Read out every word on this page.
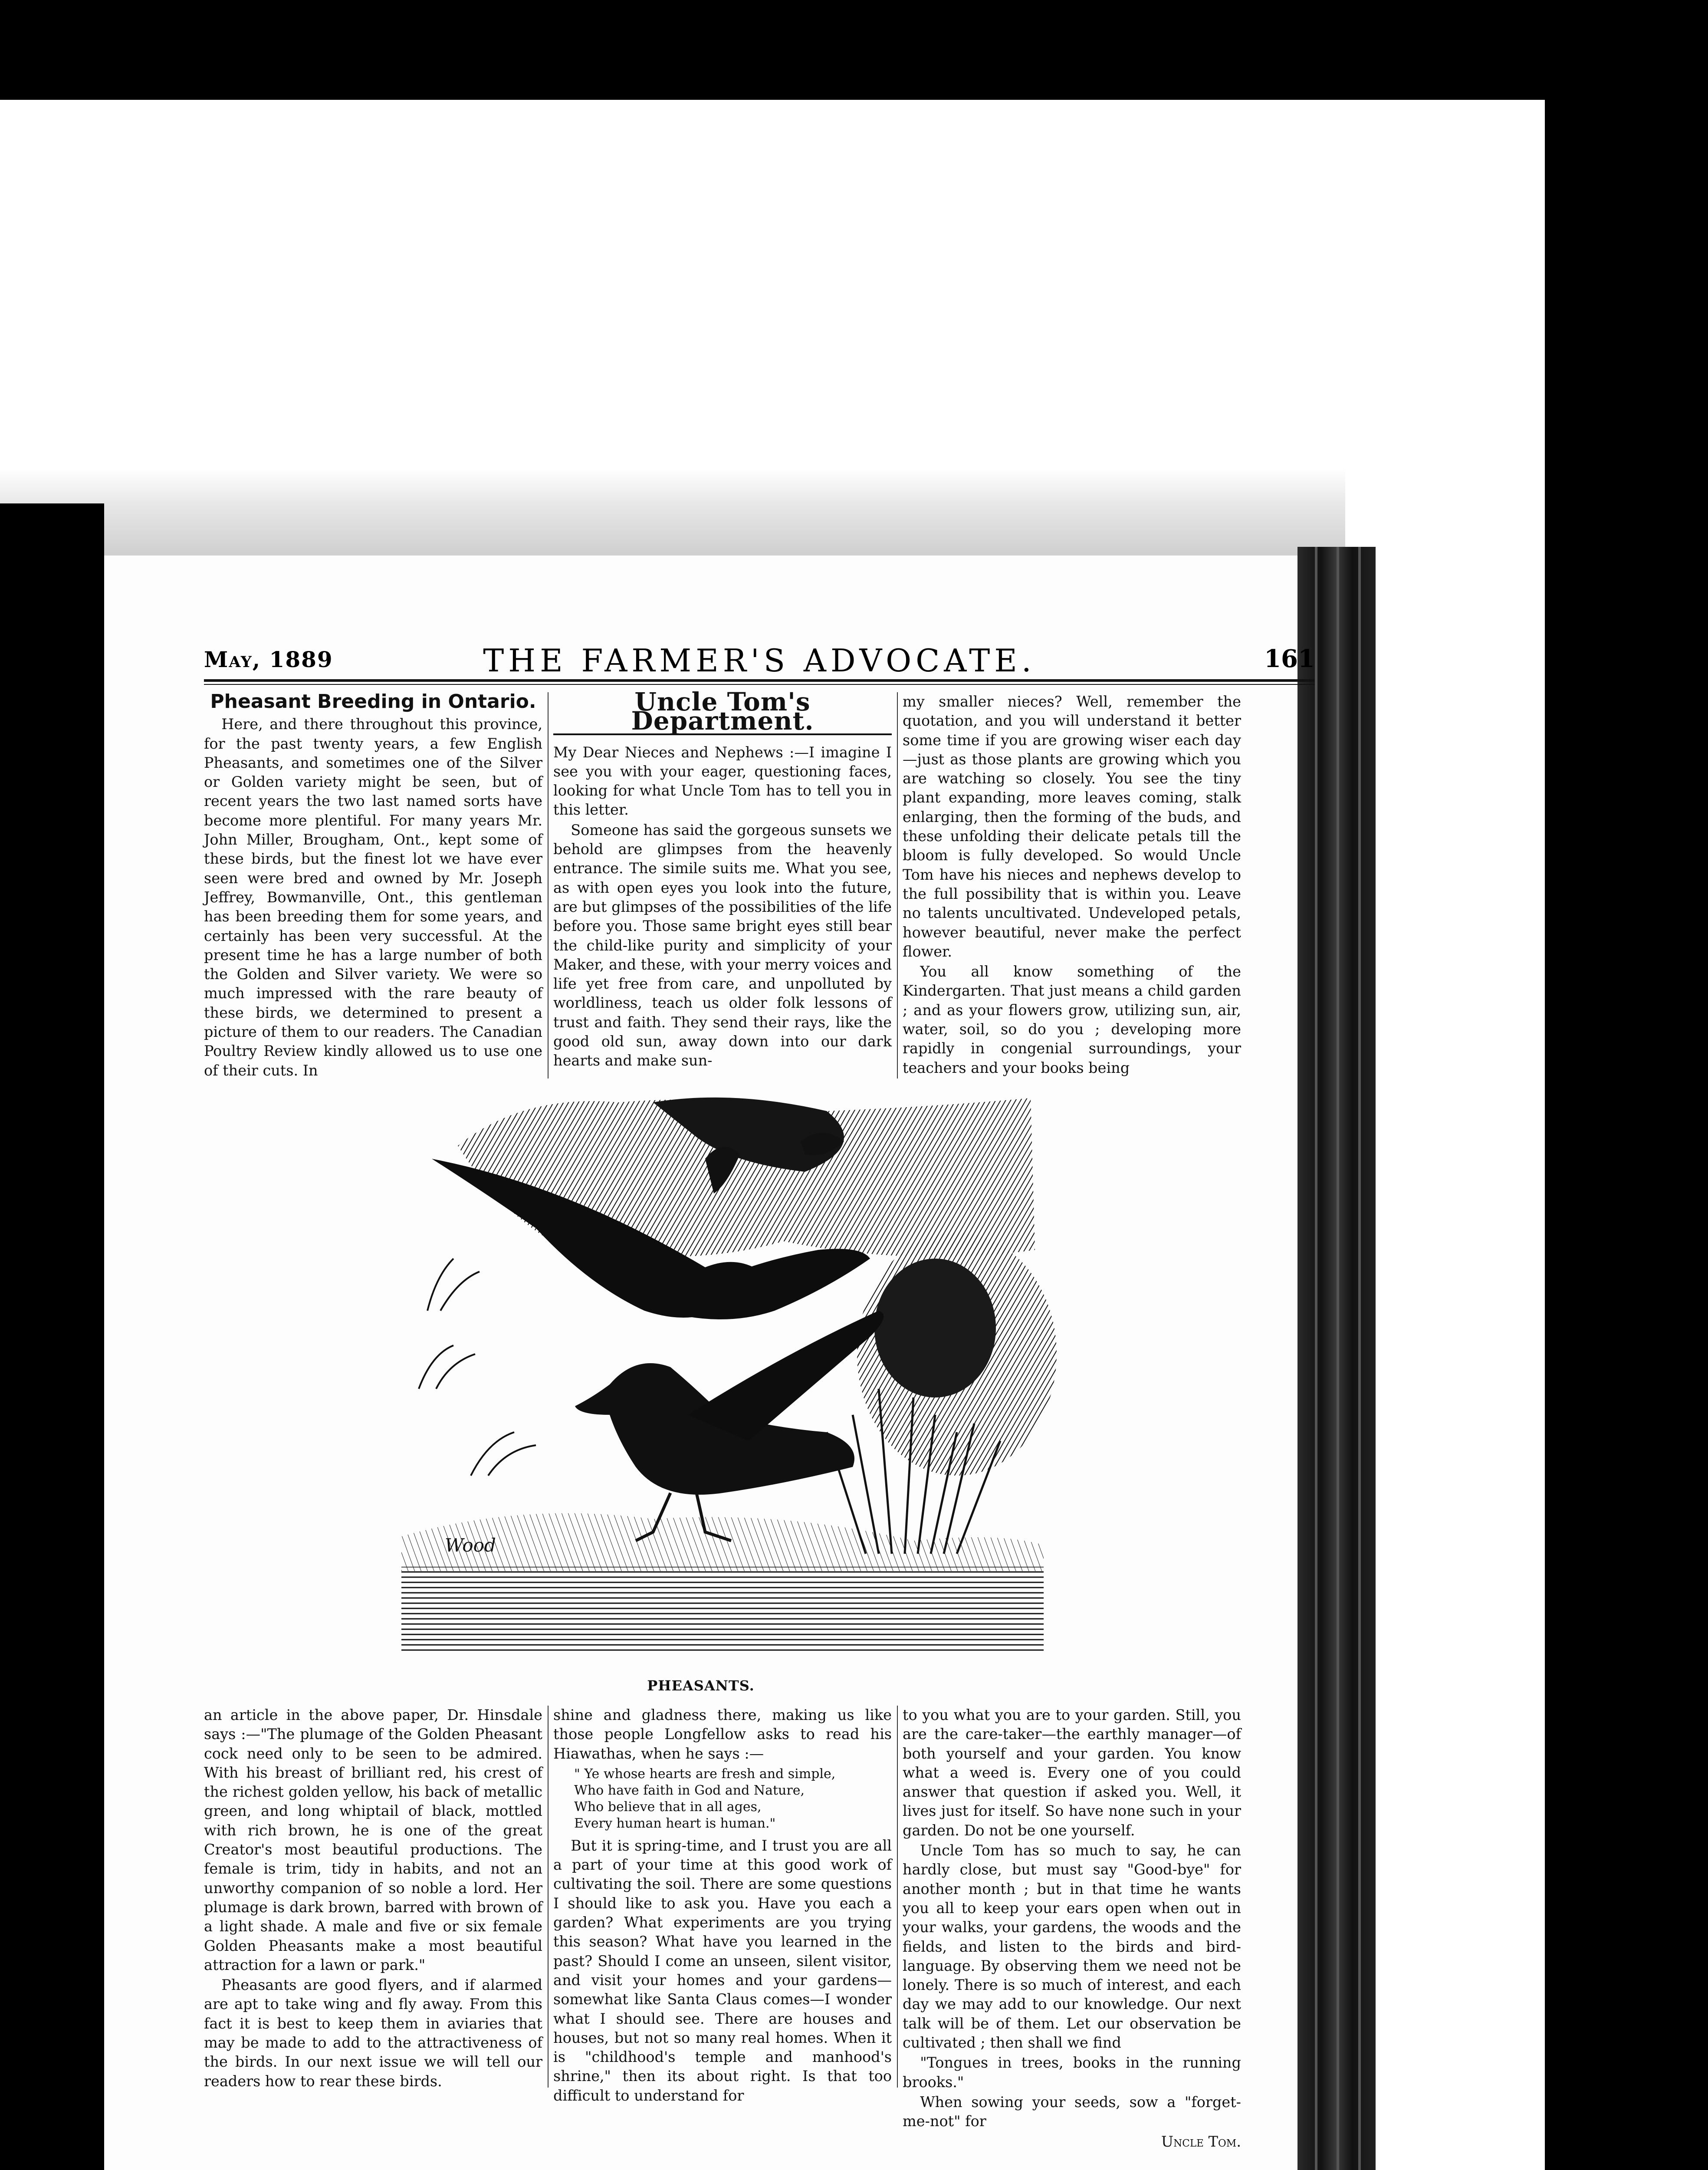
May, 1889	THE FARMER'S ADVOCATE.	161
Pheasant Breeding in Ontario.

Here, and there throughout this province, for the past twenty years, a few English Pheasants, and sometimes one of the Silver or Golden variety might be seen, but of recent years the two last named sorts have become more plentiful. For many years Mr. John Miller, Brougham, Ont., kept some of these birds, but the finest lot we have ever seen were bred and owned by Mr. Joseph Jeffrey, Bowmanville, Ont., this gentleman has been breeding them for some years, and certainly has been very successful. At the present time he has a large number of both the Golden and Silver variety. We were so much impressed with the rare beauty of these birds, we determined to present a picture of them to our readers. The Canadian Poultry Review kindly allowed us to use one of their cuts. In

Uncle Tom's Department.

My Dear Nieces and Nephews :—I imagine I see you with your eager, questioning faces, looking for what Uncle Tom has to tell you in this letter.

Someone has said the gorgeous sunsets we behold are glimpses from the heavenly entrance. The simile suits me. What you see, as with open eyes you look into the future, are but glimpses of the possibilities of the life before you. Those same bright eyes still bear the child-like purity and simplicity of your Maker, and these, with your merry voices and life yet free from care, and unpolluted by worldliness, teach us older folk lessons of trust and faith. They send their rays, like the good old sun, away down into our dark hearts and make sun-

my smaller nieces? Well, remember the quotation, and you will understand it better some time if you are growing wiser each day—just as those plants are growing which you are watching so closely. You see the tiny plant expanding, more leaves coming, stalk enlarging, then the forming of the buds, and these unfolding their delicate petals till the bloom is fully developed. So would Uncle Tom have his nieces and nephews develop to the full possibility that is within you. Leave no talents uncultivated. Undeveloped petals, however beautiful, never make the perfect flower.

You all know something of the Kindergarten. That just means a child garden ; and as your flowers grow, utilizing sun, air, water, soil, so do you ; developing more rapidly in congenial surroundings, your teachers and your books being

Wood
PHEASANTS.

an article in the above paper, Dr. Hinsdale says :—"The plumage of the Golden Pheasant cock need only to be seen to be admired. With his breast of brilliant red, his crest of the richest golden yellow, his back of metallic green, and long whiptail of black, mottled with rich brown, he is one of the great Creator's most beautiful productions. The female is trim, tidy in habits, and not an unworthy companion of so noble a lord. Her plumage is dark brown, barred with brown of a light shade. A male and five or six female Golden Pheasants make a most beautiful attraction for a lawn or park."

Pheasants are good flyers, and if alarmed are apt to take wing and fly away. From this fact it is best to keep them in aviaries that may be made to add to the attractiveness of the birds. In our next issue we will tell our readers how to rear these birds.

shine and gladness there, making us like those people Longfellow asks to read his Hiawathas, when he says :—

" Ye whose hearts are fresh and simple,
Who have faith in God and Nature,
Who believe that in all ages,
Every human heart is human."

But it is spring-time, and I trust you are all a part of your time at this good work of cultivating the soil. There are some questions I should like to ask you. Have you each a garden? What experiments are you trying this season? What have you learned in the past? Should I come an unseen, silent visitor, and visit your homes and your gardens—somewhat like Santa Claus comes—I wonder what I should see. There are houses and houses, but not so many real homes. When it is "childhood's temple and manhood's shrine," then its about right. Is that too difficult to understand for

to you what you are to your garden. Still, you are the care-taker—the earthly manager—of both yourself and your garden. You know what a weed is. Every one of you could answer that question if asked you. Well, it lives just for itself. So have none such in your garden. Do not be one yourself.

Uncle Tom has so much to say, he can hardly close, but must say "Good-bye" for another month ; but in that time he wants you all to keep your ears open when out in your walks, your gardens, the woods and the fields, and listen to the birds and bird-language. By observing them we need not be lonely. There is so much of interest, and each day we may add to our knowledge. Our next talk will be of them. Let our observation be cultivated ; then shall we find

"Tongues in trees, books in the running brooks."

When sowing your seeds, sow a "forget-me-not" for

Uncle Tom.
